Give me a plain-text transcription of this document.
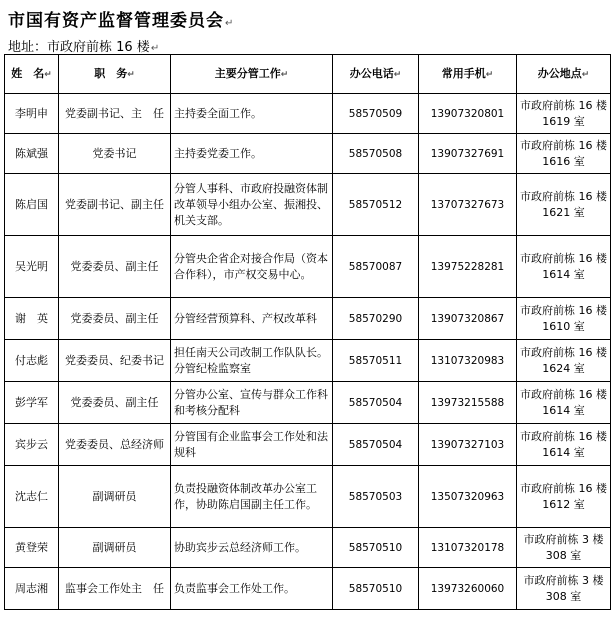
市国有资产监督管理委员会↵
地址：市政府前栋 16 楼↵
姓　名↵	职　务↵	主要分管工作↵	办公电话↵	常用手机↵	办公地点↵
李明申	党委副书记、主　任	主持委全面工作。	58570509	13907320801	市政府前栋 16 楼 1619 室
陈斌强	党委书记	主持委党委工作。	58570508	13907327691	市政府前栋 16 楼 1616 室
陈启国	党委副书记、副主任	分管人事科、市政府投融资体制改革领导小组办公室、振湘投、机关支部。	58570512	13707327673	市政府前栋 16 楼 1621 室
吴光明	党委委员、副主任	分管央企省企对接合作局（资本合作科），市产权交易中心。	58570087	13975228281	市政府前栋 16 楼 1614 室
谢　英	党委委员、副主任	分管经营预算科、产权改革科	58570290	13907320867	市政府前栋 16 楼 1610 室
付志彪	党委委员、纪委书记	担任南天公司改制工作队队长。分管纪检监察室	58570511	13107320983	市政府前栋 16 楼 1624 室
彭学军	党委委员、副主任	分管办公室、宣传与群众工作科和考核分配科	58570504	13973215588	市政府前栋 16 楼 1614 室
宾步云	党委委员、总经济师	分管国有企业监事会工作处和法规科	58570504	13907327103	市政府前栋 16 楼 1614 室
沈志仁	副调研员	负责投融资体制改革办公室工作，协助陈启国副主任工作。	58570503	13507320963	市政府前栋 16 楼 1612 室
黄登荣	副调研员	协助宾步云总经济师工作。	58570510	13107320178	市政府前栋 3 楼 308 室
周志湘	监事会工作处主　任	负责监事会工作处工作。	58570510	13973260060	市政府前栋 3 楼 308 室
